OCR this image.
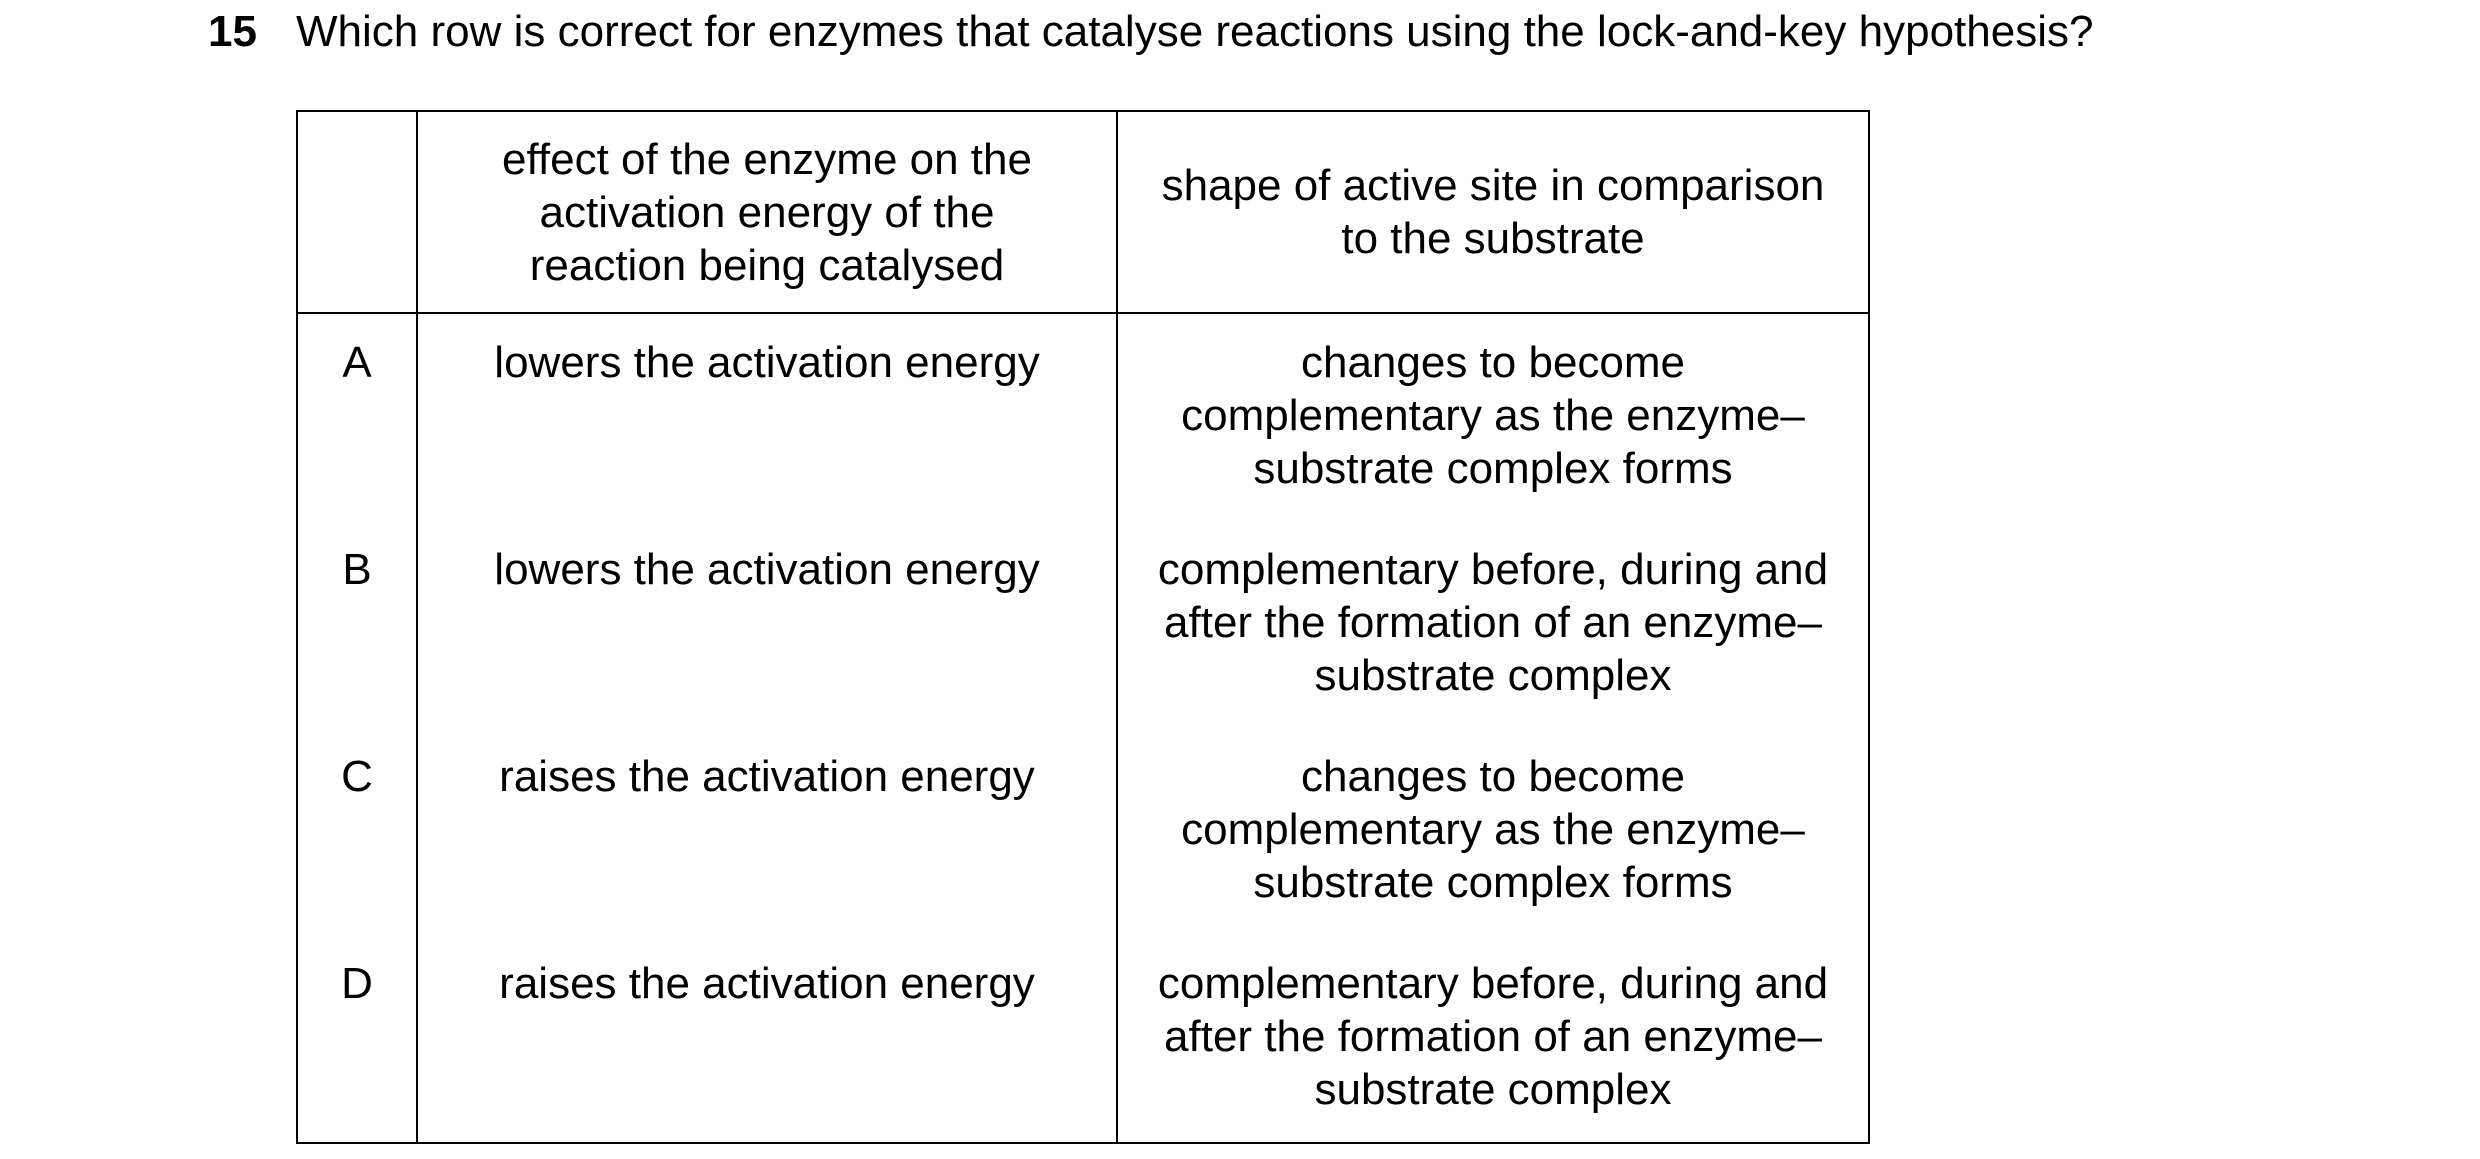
15 Which row is correct for enzymes that catalyse reactions using the lock-and-key hypothesis?
	effect of the enzyme on the activation energy of the reaction being catalysed	shape of active site in comparison to the substrate
A	lowers the activation energy	changes to become complementary as the enzyme–substrate complex forms
B	lowers the activation energy	complementary before, during and after the formation of an enzyme–substrate complex
C	raises the activation energy	changes to become complementary as the enzyme–substrate complex forms
D	raises the activation energy	complementary before, during and after the formation of an enzyme–substrate complex
